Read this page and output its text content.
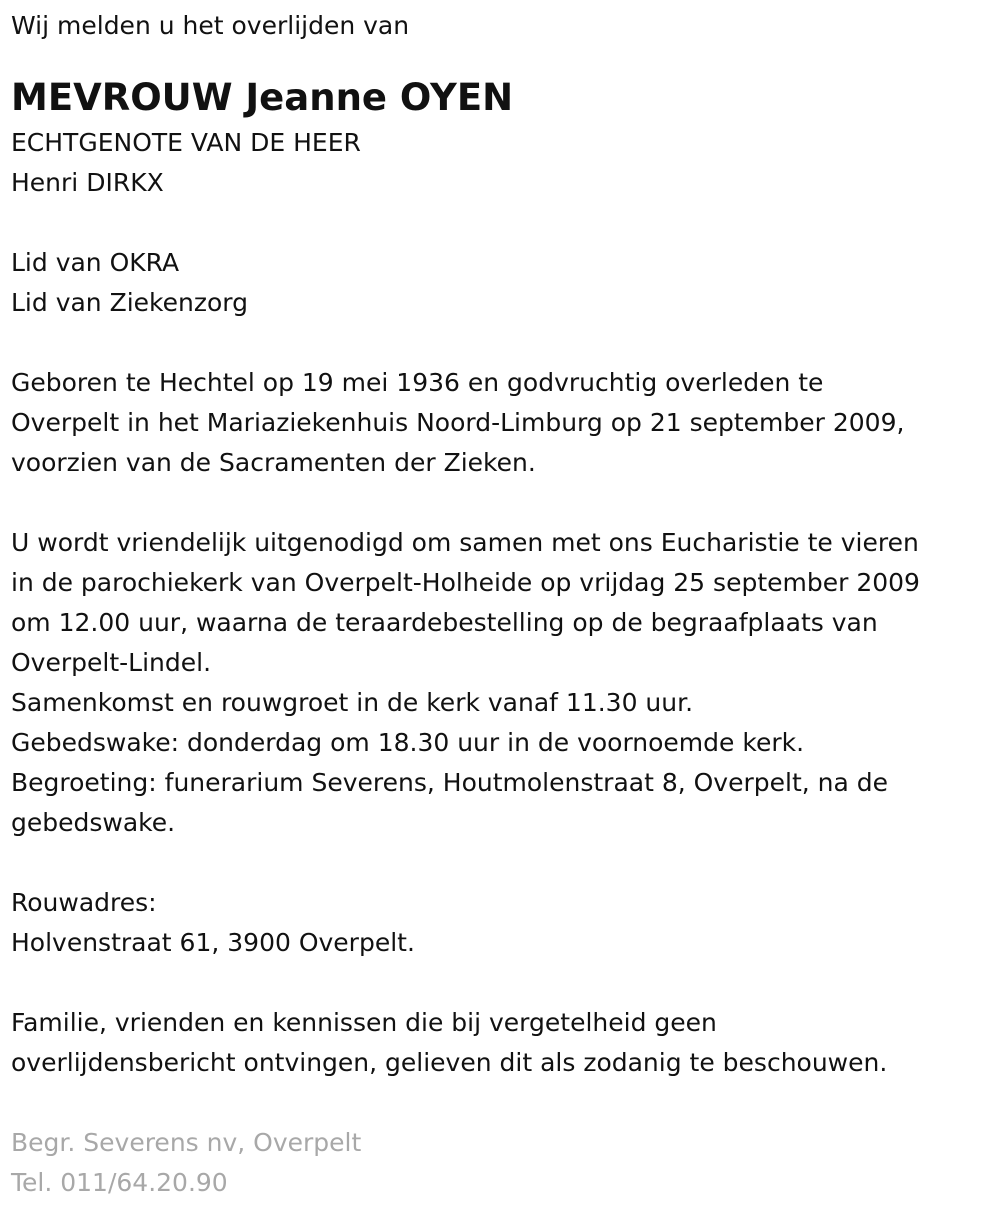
Wij melden u het overlijden van
MEVROUW Jeanne OYEN
ECHTGENOTE VAN DE HEER
Henri DIRKX
Lid van OKRA
Lid van Ziekenzorg
Geboren te Hechtel op 19 mei 1936 en godvruchtig overleden te
Overpelt in het Mariaziekenhuis Noord-Limburg op 21 september 2009,
voorzien van de Sacramenten der Zieken.
U wordt vriendelijk uitgenodigd om samen met ons Eucharistie te vieren
in de parochiekerk van Overpelt-Holheide op vrijdag 25 september 2009
om 12.00 uur, waarna de teraardebestelling op de begraafplaats van
Overpelt-Lindel.
Samenkomst en rouwgroet in de kerk vanaf 11.30 uur.
Gebedswake: donderdag om 18.30 uur in de voornoemde kerk.
Begroeting: funerarium Severens, Houtmolenstraat 8, Overpelt, na de
gebedswake.
Rouwadres:
Holvenstraat 61, 3900 Overpelt.
Familie, vrienden en kennissen die bij vergetelheid geen
overlijdensbericht ontvingen, gelieven dit als zodanig te beschouwen.
Begr. Severens nv, Overpelt
Tel. 011/64.20.90
